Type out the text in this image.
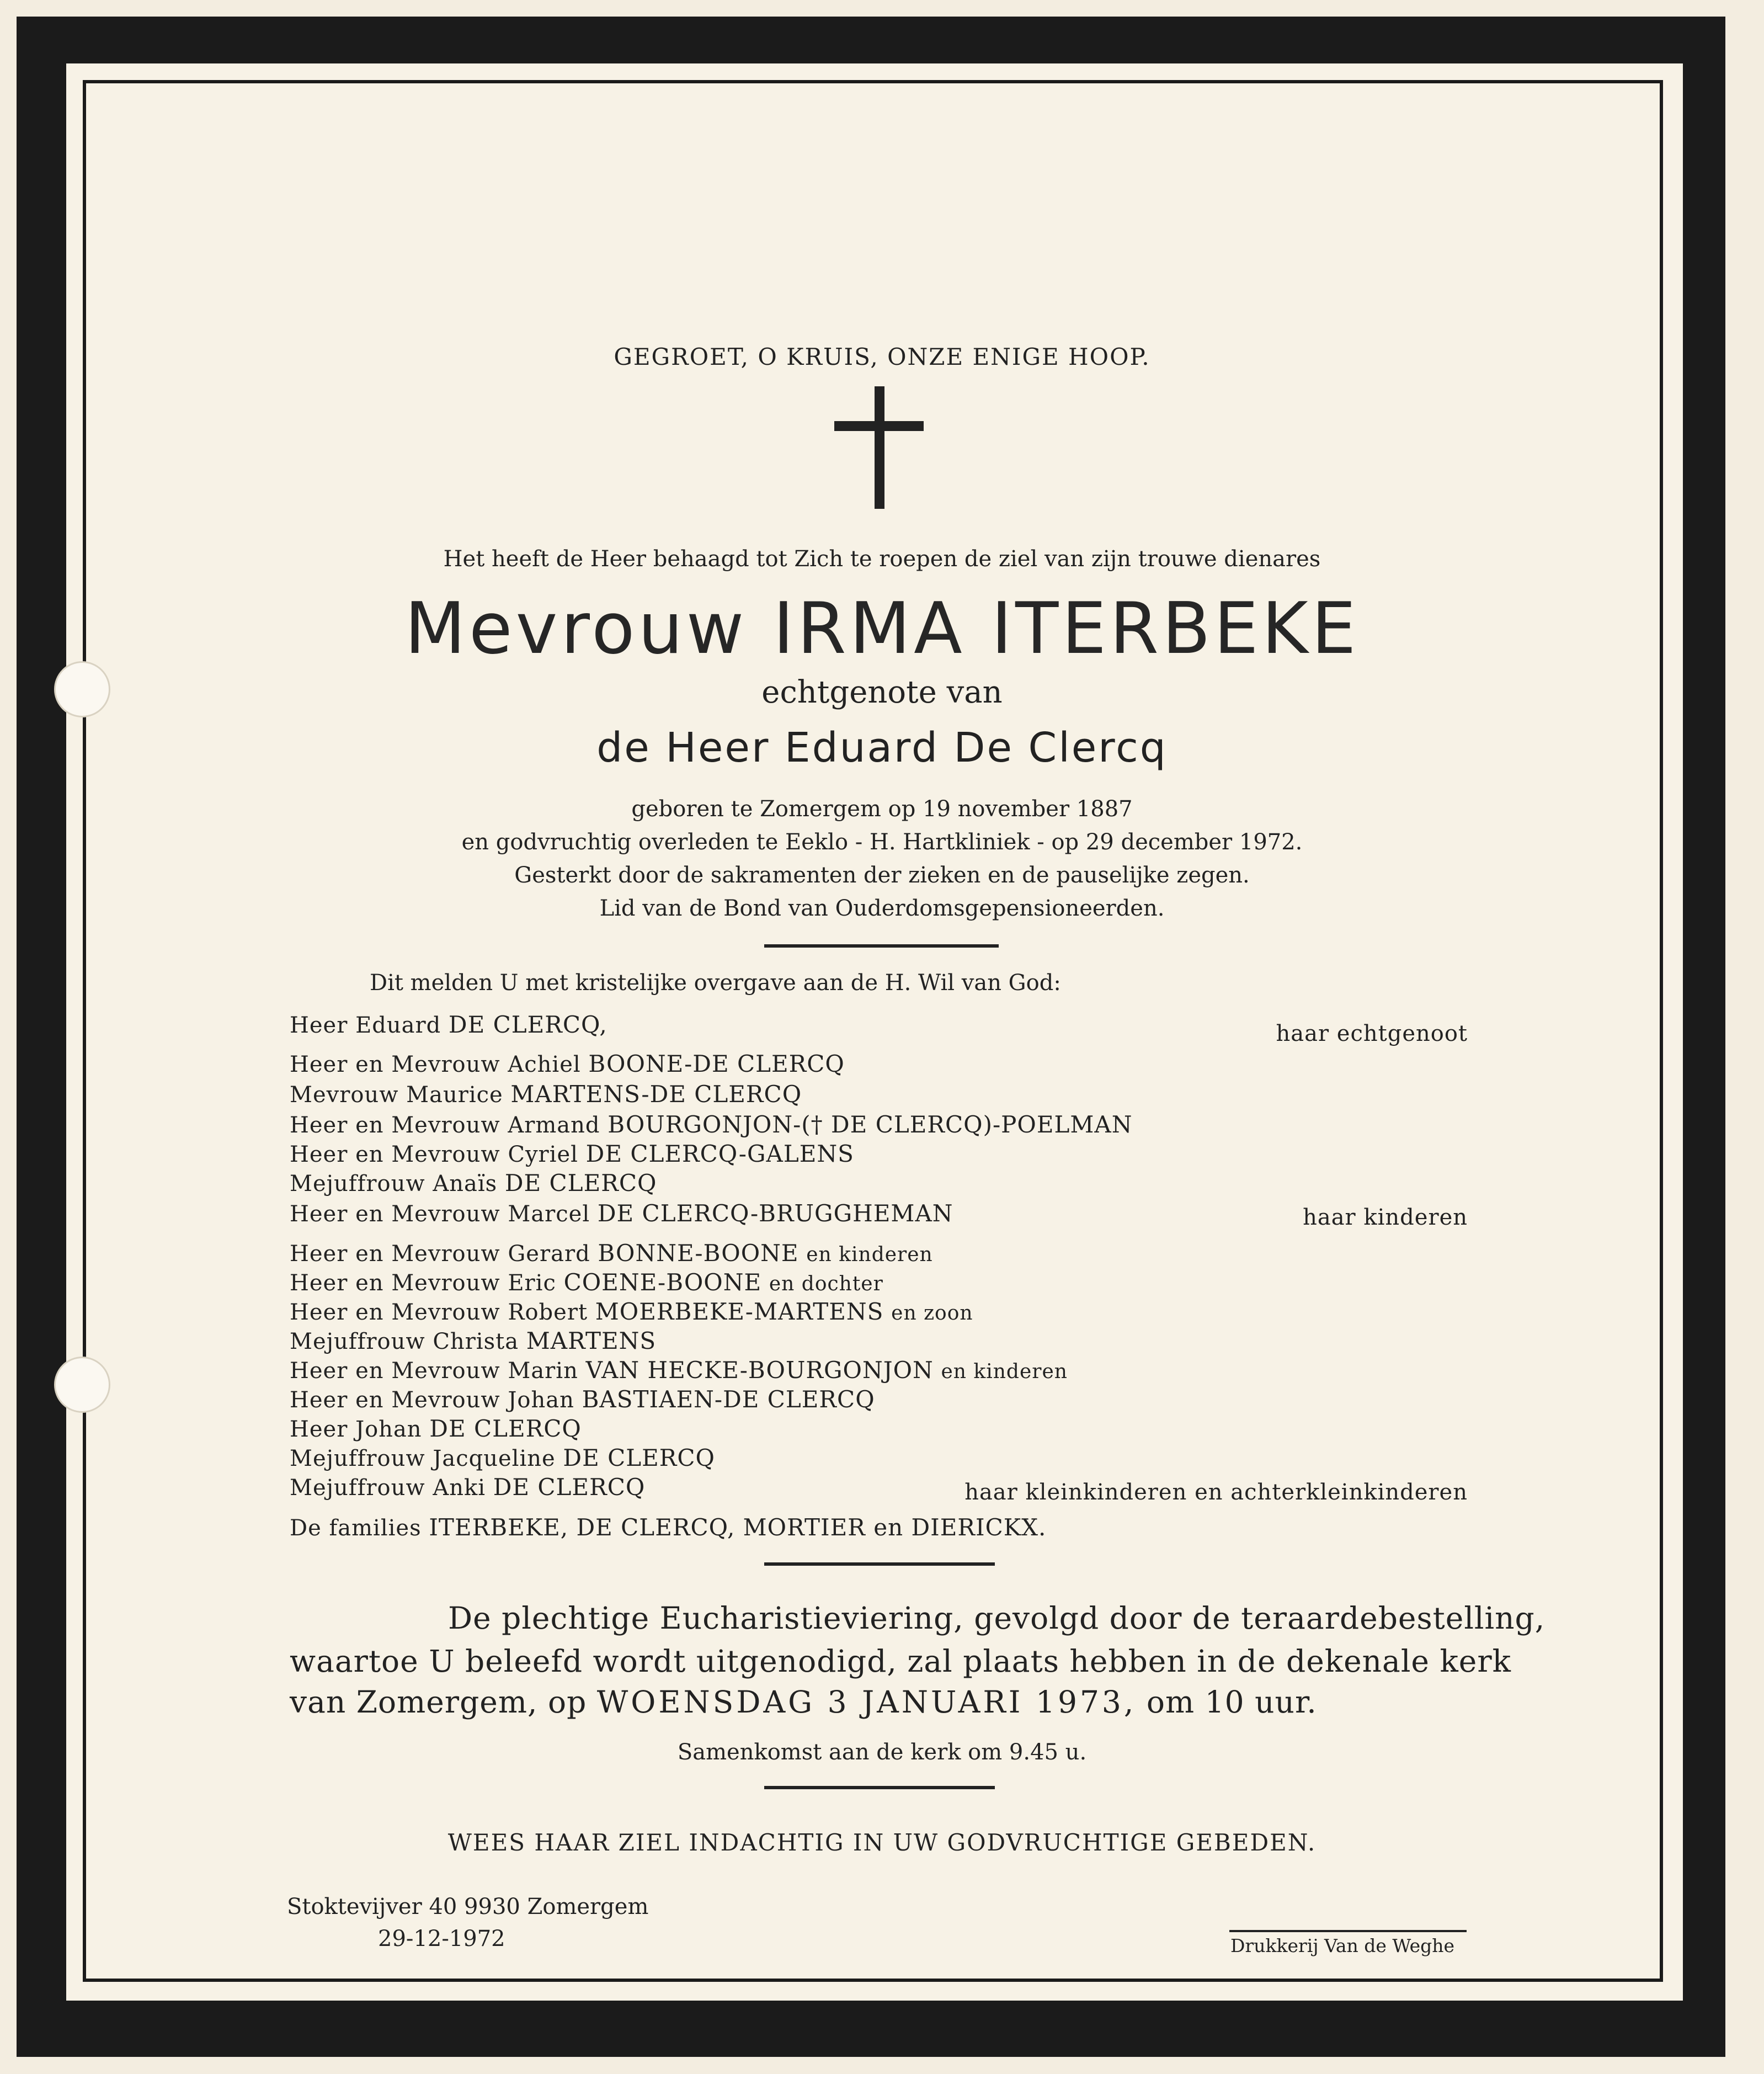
GEGROET, O KRUIS, ONZE ENIGE HOOP.
Het heeft de Heer behaagd tot Zich te roepen de ziel van zijn trouwe dienares
Mevrouw IRMA ITERBEKE
echtgenote van
de Heer Eduard De Clercq
geboren te Zomergem op 19 november 1887
en godvruchtig overleden te Eeklo - H. Hartkliniek - op 29 december 1972.
Gesterkt door de sakramenten der zieken en de pauselijke zegen.
Lid van de Bond van Ouderdomsgepensioneerden.
Dit melden U met kristelijke overgave aan de H. Wil van God:
Heer Eduard DE CLERCQ,	haar echtgenoot
Heer en Mevrouw Achiel BOONE-DE CLERCQ
Mevrouw Maurice MARTENS-DE CLERCQ
Heer en Mevrouw Armand BOURGONJON-(† DE CLERCQ)-POELMAN
Heer en Mevrouw Cyriel DE CLERCQ-GALENS
Mejuffrouw Anaïs DE CLERCQ
Heer en Mevrouw Marcel DE CLERCQ-BRUGGHEMAN	haar kinderen
Heer en Mevrouw Gerard BONNE-BOONE en kinderen
Heer en Mevrouw Eric COENE-BOONE en dochter
Heer en Mevrouw Robert MOERBEKE-MARTENS en zoon
Mejuffrouw Christa MARTENS
Heer en Mevrouw Marin VAN HECKE-BOURGONJON en kinderen
Heer en Mevrouw Johan BASTIAEN-DE CLERCQ
Heer Johan DE CLERCQ
Mejuffrouw Jacqueline DE CLERCQ
Mejuffrouw Anki DE CLERCQ	haar kleinkinderen en achterkleinkinderen
De families ITERBEKE, DE CLERCQ, MORTIER en DIERICKX.
De plechtige Eucharistieviering, gevolgd door de teraardebestelling,
waartoe U beleefd wordt uitgenodigd, zal plaats hebben in de dekenale kerk
van Zomergem, op WOENSDAG 3 JANUARI 1973, om 10 uur.
Samenkomst aan de kerk om 9.45 u.
WEES HAAR ZIEL INDACHTIG IN UW GODVRUCHTIGE GEBEDEN.
Stoktevijver 40 9930 Zomergem
29-12-1972	Drukkerij Van de Weghe
